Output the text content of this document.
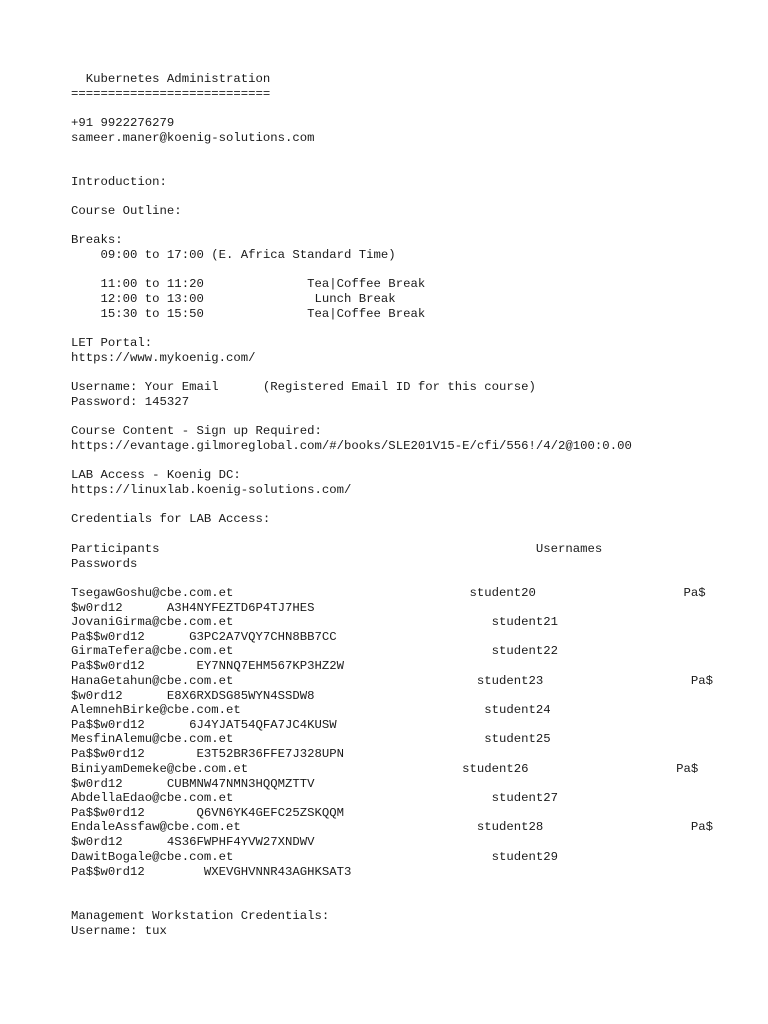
Kubernetes Administration
===========================
+91 9922276279
sameer.maner@koenig-solutions.com
Introduction:
Course Outline:
Breaks:
09:00 to 17:00 (E. Africa Standard Time)
11:00 to 11:20              Tea|Coffee Break
12:00 to 13:00               Lunch Break
15:30 to 15:50              Tea|Coffee Break
LET Portal:
https://www.mykoenig.com/
Username: Your Email      (Registered Email ID for this course)
Password: 145327
Course Content - Sign up Required:
https://evantage.gilmoreglobal.com/#/books/SLE201V15-E/cfi/556!/4/2@100:0.00
LAB Access - Koenig DC:
https://linuxlab.koenig-solutions.com/
Credentials for LAB Access:
Participants                                                   Usernames
Passwords
TsegawGoshu@cbe.com.et                                student20                    Pa$
$w0rd12      A3H4NYFEZTD6P4TJ7HES
JovaniGirma@cbe.com.et                                   student21
Pa$$w0rd12      G3PC2A7VQY7CHN8BB7CC
GirmaTefera@cbe.com.et                                   student22
Pa$$w0rd12       EY7NNQ7EHM567KP3HZ2W
HanaGetahun@cbe.com.et                                 student23                    Pa$
$w0rd12      E8X6RXDSG85WYN4SSDW8
AlemnehBirke@cbe.com.et                                 student24
Pa$$w0rd12      6J4YJAT54QFA7JC4KUSW
MesfinAlemu@cbe.com.et                                  student25
Pa$$w0rd12       E3T52BR36FFE7J328UPN
BiniyamDemeke@cbe.com.et                             student26                    Pa$
$w0rd12      CUBMNW47NMN3HQQMZTTV
AbdellaEdao@cbe.com.et                                   student27
Pa$$w0rd12       Q6VN6YK4GEFC25ZSKQQM
EndaleAssfaw@cbe.com.et                                student28                    Pa$
$w0rd12      4S36FWPHF4YVW27XNDWV
DawitBogale@cbe.com.et                                   student29
Pa$$w0rd12        WXEVGHVNNR43AGHKSAT3
Management Workstation Credentials:
Username: tux
